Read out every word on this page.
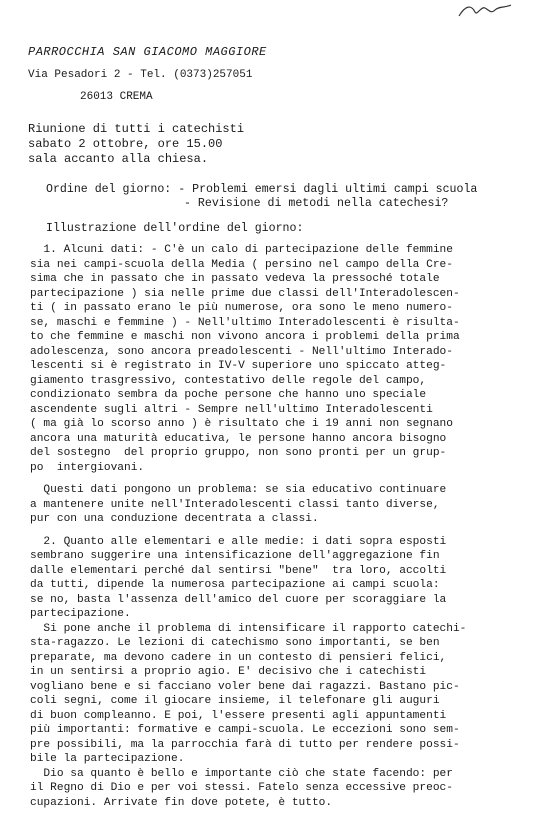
PARROCCHIA SAN GIACOMO MAGGIORE
Via Pesadori 2 - Tel. (0373)257051
26013 CREMA
Riunione di tutti i catechisti
sabato 2 ottobre, ore 15.00
sala accanto alla chiesa.
Ordine del giorno: - Problemi emersi dagli ultimi campi scuola
- Revisione di metodi nella catechesi?
Illustrazione dell'ordine del giorno:
1. Alcuni dati: - C'è un calo di partecipazione delle femmine
sia nei campi-scuola della Media ( persino nel campo della Cre-
sima che in passato che in passato vedeva la pressoché totale
partecipazione ) sia nelle prime due classi dell'Interadolescen-
ti ( in passato erano le più numerose, ora sono le meno numero-
se, maschi e femmine ) - Nell'ultimo Interadolescenti è risulta-
to che femmine e maschi non vivono ancora i problemi della prima
adolescenza, sono ancora preadolescenti - Nell'ultimo Interado-
lescenti si è registrato in IV-V superiore uno spiccato atteg-
giamento trasgressivo, contestativo delle regole del campo,
condizionato sembra da poche persone che hanno uno speciale
ascendente sugli altri - Sempre nell'ultimo Interadolescenti
( ma già lo scorso anno ) è risultato che i 19 anni non segnano
ancora una maturità educativa, le persone hanno ancora bisogno
del sostegno  del proprio gruppo, non sono pronti per un grup-
po  intergiovani.
Questi dati pongono un problema: se sia educativo continuare
a mantenere unite nell'Interadolescenti classi tanto diverse,
pur con una conduzione decentrata a classi.
2. Quanto alle elementari e alle medie: i dati sopra esposti
sembrano suggerire una intensificazione dell'aggregazione fin
dalle elementari perché dal sentirsi "bene"  tra loro, accolti
da tutti, dipende la numerosa partecipazione ai campi scuola:
se no, basta l'assenza dell'amico del cuore per scoraggiare la
partecipazione.
Si pone anche il problema di intensificare il rapporto catechi-
sta-ragazzo. Le lezioni di catechismo sono importanti, se ben
preparate, ma devono cadere in un contesto di pensieri felici,
in un sentirsi a proprio agio. E' decisivo che i catechisti
vogliano bene e si facciano voler bene dai ragazzi. Bastano pic-
coli segni, come il giocare insieme, il telefonare gli auguri
di buon compleanno. E poi, l'essere presenti agli appuntamenti
più importanti: formative e campi-scuola. Le eccezioni sono sem-
pre possibili, ma la parrocchia farà di tutto per rendere possi-
bile la partecipazione.
Dio sa quanto è bello e importante ciò che state facendo: per
il Regno di Dio e per voi stessi. Fatelo senza eccessive preoc-
cupazioni. Arrivate fin dove potete, è tutto.
